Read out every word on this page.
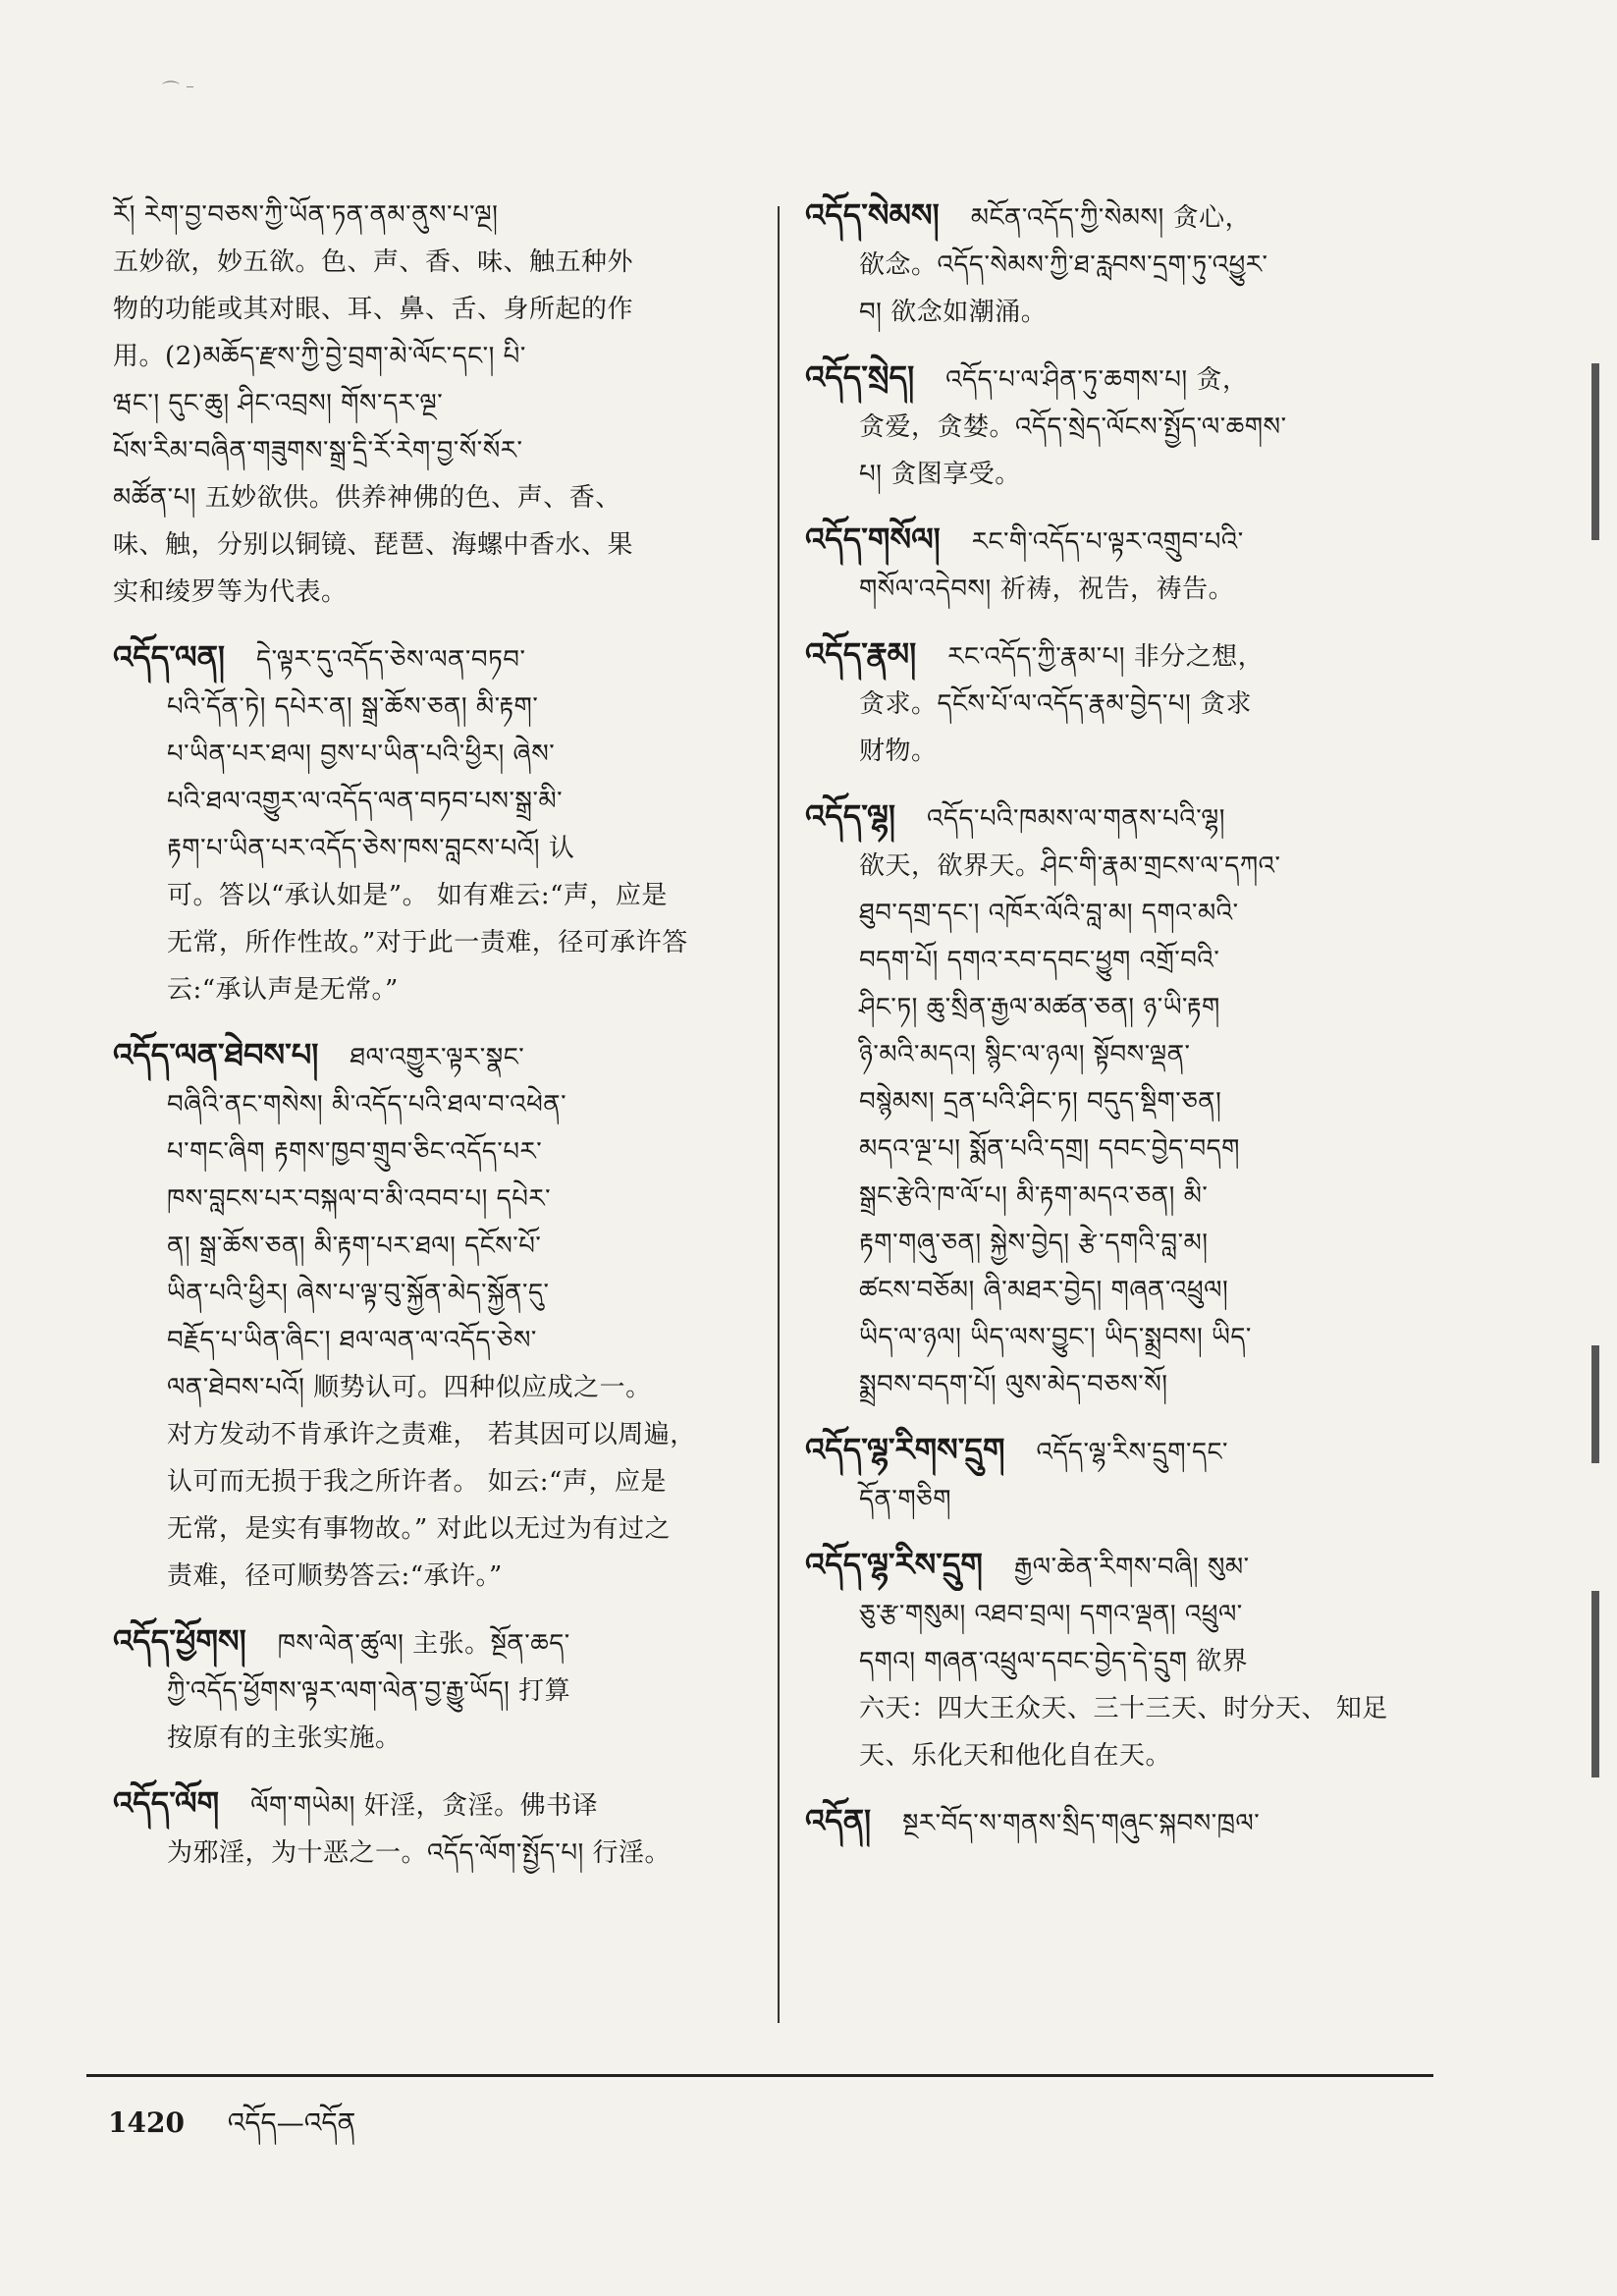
⌒ ⁻
རོ། རེག་བྱ་བཅས་ཀྱི་ཡོན་ཏན་ནམ་ནུས་པ་ལྔ།
五妙欲，妙五欲。色、声、香、味、触五种外
物的功能或其对眼、耳、鼻、舌、身所起的作
用。(2)མཆོད་རྫས་ཀྱི་བྱེ་བྲག་མེ་ལོང་དང་། པི་
ཝང་། དུང་ཆུ། ཤིང་འབྲས། གོས་དར་ལྔ་
པོས་རིམ་བཞིན་གཟུགས་སྒྲ་དྲི་རོ་རེག་བྱ་སོ་སོར་
མཚོན་པ། 五妙欲供。供养神佛的色、声、香、
味、触，分别以铜镜、琵琶、海螺中香水、果
实和绫罗等为代表。
འདོད་ལན། དེ་ལྟར་དུ་འདོད་ཅེས་ལན་བཏབ་
པའི་དོན་ཏེ། དཔེར་ན། སྒྲ་ཆོས་ཅན། མི་རྟག་
པ་ཡིན་པར་ཐལ། བྱས་པ་ཡིན་པའི་ཕྱིར། ཞེས་
པའི་ཐལ་འགྱུར་ལ་འདོད་ལན་བཏབ་པས་སྒྲ་མི་
རྟག་པ་ཡིན་པར་འདོད་ཅེས་ཁས་བླངས་པའོ། 认
可。答以“承认如是”。 如有难云:“声，应是
无常，所作性故。”对于此一责难，径可承许答
云:“承认声是无常。”
འདོད་ལན་ཐེབས་པ། ཐལ་འགྱུར་ལྟར་སྣང་
བཞིའི་ནང་གསེས། མི་འདོད་པའི་ཐལ་བ་འཕེན་
པ་གང་ཞིག རྟགས་ཁྱབ་གྲུབ་ཅིང་འདོད་པར་
ཁས་བླངས་པར་བསྐལ་བ་མི་འབབ་པ། དཔེར་
ན། སྒྲ་ཆོས་ཅན། མི་རྟག་པར་ཐལ། དངོས་པོ་
ཡིན་པའི་ཕྱིར། ཞེས་པ་ལྟ་བུ་སྐྱོན་མེད་སྐྱོན་དུ་
བརྗོད་པ་ཡིན་ཞིང་། ཐལ་ལན་ལ་འདོད་ཅེས་
ལན་ཐེབས་པའོ། 顺势认可。四种似应成之一。
对方发动不肯承许之责难， 若其因可以周遍，
认可而无损于我之所许者。 如云:“声，应是
无常，是实有事物故。” 对此以无过为有过之
责难，径可顺势答云:“承许。”
འདོད་ཕྱོགས། ཁས་ལེན་ཚུལ། 主张。སྔོན་ཆད་
ཀྱི་འདོད་ཕྱོགས་ལྟར་ལག་ལེན་བྱ་རྒྱུ་ཡོད། 打算
按原有的主张实施。
འདོད་ལོག ལོག་གཡེམ། 奸淫，贪淫。佛书译
为邪淫，为十恶之一。འདོད་ལོག་སྤྱོད་པ། 行淫。
འདོད་སེམས། མངོན་འདོད་ཀྱི་སེམས། 贪心，
欲念。འདོད་སེམས་ཀྱི་ཐ་རླབས་དྲག་ཏུ་འཕྱུར་
བ། 欲念如潮涌。
འདོད་སྲེད། འདོད་པ་ལ་ཤིན་ཏུ་ཆགས་པ། 贪，
贪爱，贪婪。འདོད་སྲེད་ལོངས་སྤྱོད་ལ་ཆགས་
པ། 贪图享受。
འདོད་གསོལ། རང་གི་འདོད་པ་ལྟར་འགྲུབ་པའི་
གསོལ་འདེབས། 祈祷，祝告，祷告。
འདོད་རྣམ། རང་འདོད་ཀྱི་རྣམ་པ། 非分之想，
贪求。དངོས་པོ་ལ་འདོད་རྣམ་བྱེད་པ། 贪求
财物。
འདོད་ལྷ། འདོད་པའི་ཁམས་ལ་གནས་པའི་ལྷ།
欲天，欲界天。ཤིང་གི་རྣམ་གྲངས་ལ་དཀའ་
ཐུབ་དགྲ་དང་། འཁོར་ལོའི་བླ་མ། དགའ་མའི་
བདག་པོ། དགའ་རབ་དབང་ཕྱུག འགྲོ་བའི་
ཤིང་ཏ། ཆུ་སྲིན་རྒྱལ་མཚན་ཅན། ཉ་ཡི་རྟག
ཉི་མའི་མདའ། སྙིང་ལ་ཉལ། སྟོབས་ལྡན་
བསྙེམས། དྲན་པའི་ཤིང་ཏ། བདུད་སྡིག་ཅན།
མདའ་ལྔ་པ། སྨོན་པའི་དགྲ། དབང་བྱེད་བདག
སྒྲང་རྩེའི་ཁ་ལོ་པ། མི་རྟག་མདའ་ཅན། མི་
རྟག་གཞུ་ཅན། སྐྱེས་བྱེད། རྩེ་དགའི་བླ་མ།
ཚངས་བཅོམ། ཞི་མཐར་བྱེད། གཞན་འཕྲུལ།
ཡིད་ལ་ཉལ། ཡིད་ལས་བྱུང་། ཡིད་སྨྲབས། ཡིད་
སྨྲབས་བདག་པོ། ལུས་མེད་བཅས་སོ།
འདོད་ལྷ་རིགས་དྲུག འདོད་ལྷ་རིས་དྲུག་དང་
དོན་གཅིག
འདོད་ལྷ་རིས་དྲུག རྒྱལ་ཆེན་རིགས་བཞི། སུམ་
ཅུ་རྩ་གསུམ། འཐབ་བྲལ། དགའ་ལྡན། འཕྲུལ་
དགའ། གཞན་འཕྲུལ་དབང་བྱེད་དེ་དྲུག 欲界
六天：四大王众天、三十三天、时分天、 知足
天、乐化天和他化自在天。
འདོན། སྔར་བོད་ས་གནས་སྲིད་གཞུང་སྐབས་ཁྲལ་
1420 འདོད—འདོན
